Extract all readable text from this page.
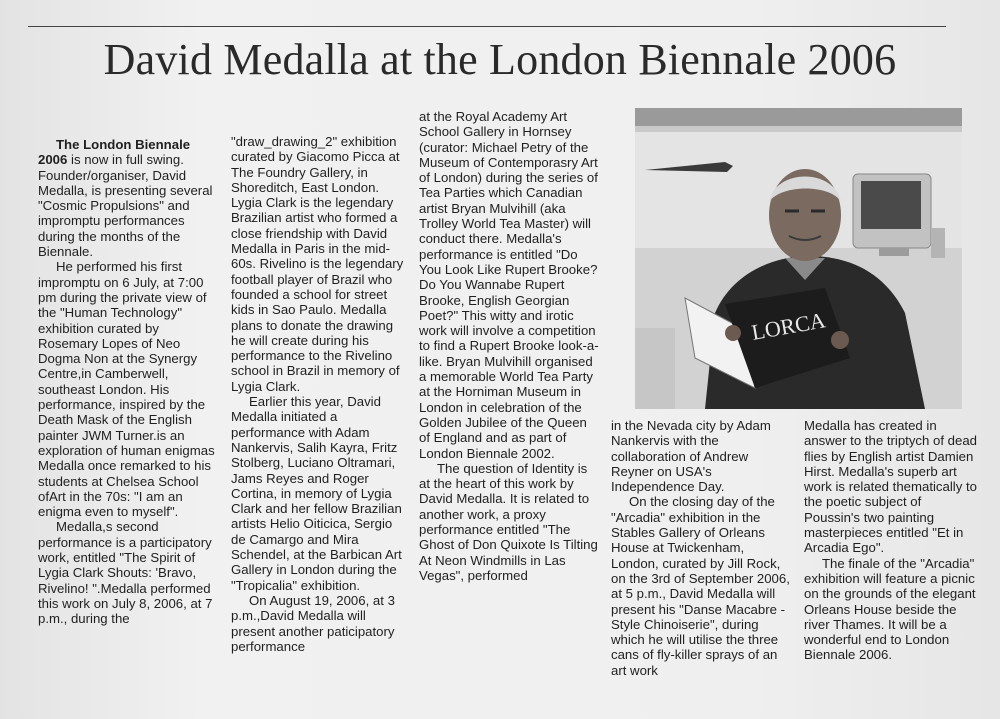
David Medalla at the London Biennale 2006

The London Biennale 2006 is now in full swing. Founder/organiser, David Medalla, is presenting several "Cosmic Propulsions" and impromptu performances during the months of the Biennale.

He performed his first impromptu on 6 July, at 7:00 pm during the private view of the "Human Technology" exhibition curated by Rosemary Lopes of Neo Dogma Non at the Synergy Centre,in Camberwell, southeast London. His performance, inspired by the Death Mask of the English painter JWM Turner.is an exploration of human enigmas Medalla once remarked to his students at Chelsea School ofArt in the 70s: "I am an enigma even to myself".

Medalla,s second performance is a participatory work, entitled "The Spirit of Lygia Clark Shouts: 'Bravo, Rivelino! ".Medalla performed this work on July 8, 2006, at 7 p.m., during the

"draw_drawing_2" exhibition curated by Giacomo Picca at The Foundry Gallery, in Shoreditch, East London. Lygia Clark is the legendary Brazilian artist who formed a close friendship with David Medalla in Paris in the mid-60s. Rivelino is the legendary football player of Brazil who founded a school for street kids in Sao Paulo. Medalla plans to donate the drawing he will create during his performance to the Rivelino school in Brazil in memory of Lygia Clark.

Earlier this year, David Medalla initiated a performance with Adam Nankervis, Salih Kayra, Fritz Stolberg, Luciano Oltramari, Jams Reyes and Roger Cortina, in memory of Lygia Clark and her fellow Brazilian artists Helio Oiticica, Sergio de Camargo and Mira Schendel, at the Barbican Art Gallery in London during the "Tropicalia" exhibition.

On August 19, 2006, at 3 p.m.,David Medalla will present another paticipatory performance

at the Royal Academy Art School Gallery in Hornsey (curator: Michael Petry of the Museum of Contemporasry Art of London) during the series of Tea Parties which Canadian artist Bryan Mulvihill (aka Trolley World Tea Master) will conduct there. Medalla's performance is entitled "Do You Look Like Rupert Brooke? Do You Wannabe Rupert Brooke, English Georgian Poet?" This witty and irotic work will involve a competition to find a Rupert Brooke look-a-like. Bryan Mulvihill organised a memorable World Tea Party at the Horniman Museum in London in celebration of the Golden Jubilee of the Queen of England and as part of London Biennale 2002.

The question of Identity is at the heart of this work by David Medalla. It is related to another work, a proxy performance entitled "The Ghost of Don Quixote Is Tilting At Neon Windmills in Las Vegas", performed

LORCA

in the Nevada city by Adam Nankervis with the collaboration of Andrew Reyner on USA's Independence Day.

On the closing day of the "Arcadia" exhibition in the Stables Gallery of Orleans House at Twickenham, London, curated by Jill Rock, on the 3rd of September 2006, at 5 p.m., David Medalla will present his "Danse Macabre - Style Chinoiserie", during which he will utilise the three cans of fly-killer sprays of an art work

Medalla has created in answer to the triptych of dead flies by English artist Damien Hirst. Medalla's superb art work is related thematically to the poetic subject of Poussin's two painting masterpieces entitled "Et in Arcadia Ego".

The finale of the "Arcadia" exhibition will feature a picnic on the grounds of the elegant Orleans House beside the river Thames. It will be a wonderful end to London Biennale 2006.
